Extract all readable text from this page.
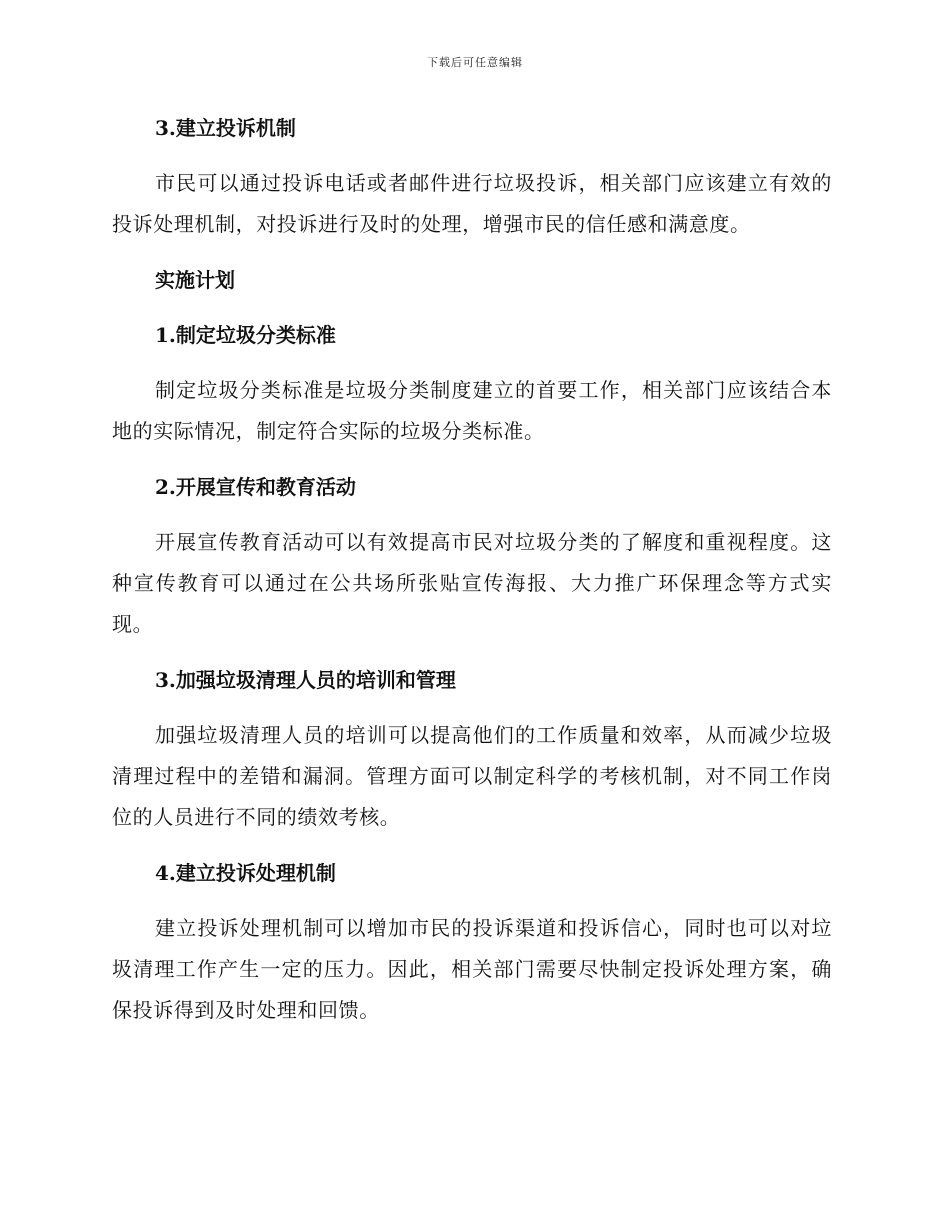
下载后可任意编辑
3.建立投诉机制

市民可以通过投诉电话或者邮件进行垃圾投诉，相关部门应该建立有效的投诉处理机制，对投诉进行及时的处理，增强市民的信任感和满意度。

实施计划
1.制定垃圾分类标准

制定垃圾分类标准是垃圾分类制度建立的首要工作，相关部门应该结合本地的实际情况，制定符合实际的垃圾分类标准。

2.开展宣传和教育活动

开展宣传教育活动可以有效提高市民对垃圾分类的了解度和重视程度。这种宣传教育可以通过在公共场所张贴宣传海报、大力推广环保理念等方式实现。

3.加强垃圾清理人员的培训和管理

加强垃圾清理人员的培训可以提高他们的工作质量和效率，从而减少垃圾清理过程中的差错和漏洞。管理方面可以制定科学的考核机制，对不同工作岗位的人员进行不同的绩效考核。

4.建立投诉处理机制

建立投诉处理机制可以增加市民的投诉渠道和投诉信心，同时也可以对垃圾清理工作产生一定的压力。因此，相关部门需要尽快制定投诉处理方案，确保投诉得到及时处理和回馈。
